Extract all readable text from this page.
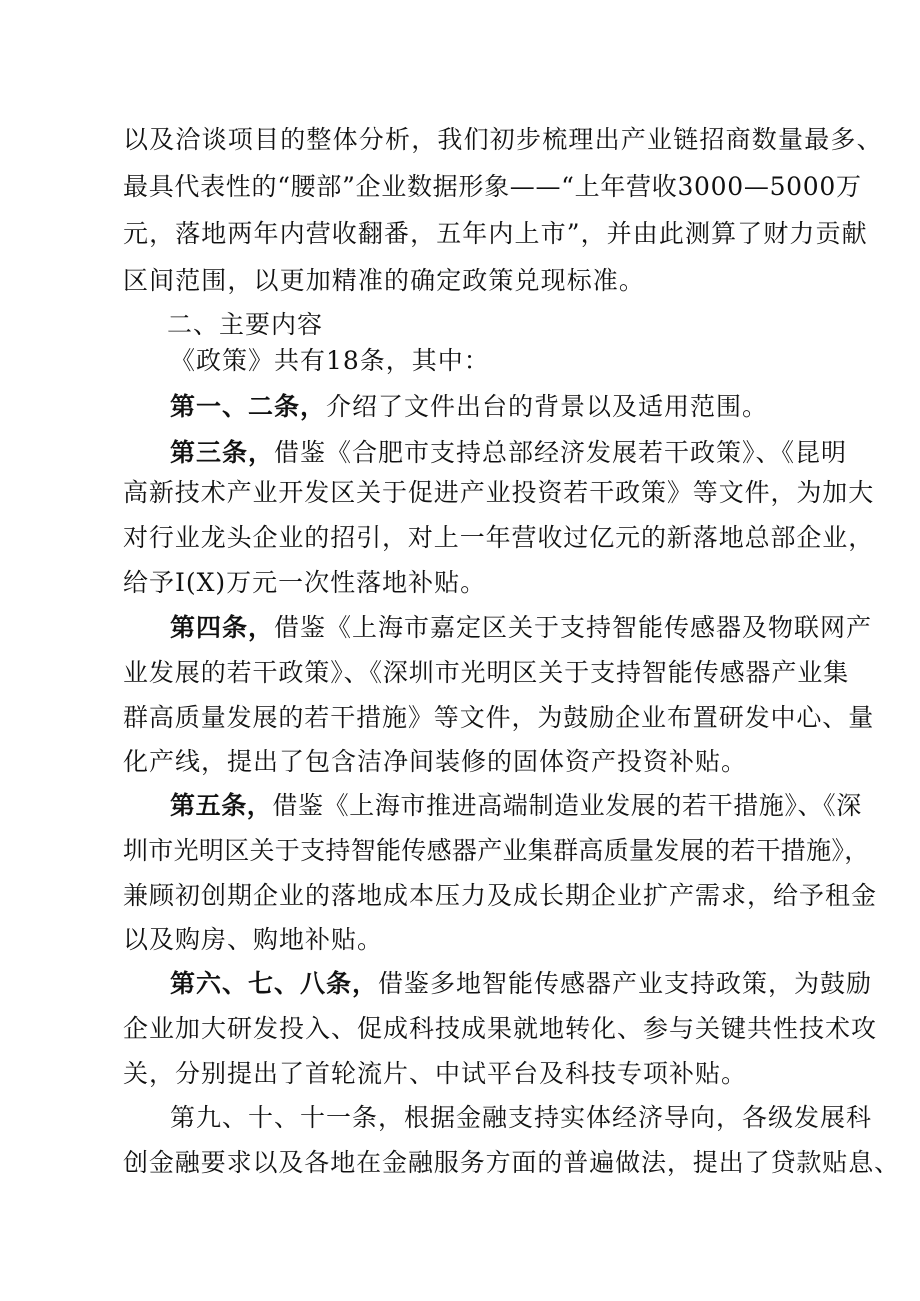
以及洽谈项目的整体分析，我们初步梳理出产业链招商数量最多、
最具代表性的“腰部”企业数据形象——“上年营收3000—5000万
元，落地两年内营收翻番，五年内上市”，并由此测算了财力贡献
区间范围，以更加精准的确定政策兑现标准。
二、主要内容
《政策》共有18条，其中：
第一、二条，介绍了文件出台的背景以及适用范围。
第三条，借鉴《合肥市支持总部经济发展若干政策》、《昆明
高新技术产业开发区关于促进产业投资若干政策》等文件，为加大
对行业龙头企业的招引，对上一年营收过亿元的新落地总部企业，
给予I(X)万元一次性落地补贴。
第四条，借鉴《上海市嘉定区关于支持智能传感器及物联网产
业发展的若干政策》、《深圳市光明区关于支持智能传感器产业集
群高质量发展的若干措施》等文件，为鼓励企业布置研发中心、量
化产线，提出了包含洁净间装修的固体资产投资补贴。
第五条，借鉴《上海市推进高端制造业发展的若干措施》、《深
圳市光明区关于支持智能传感器产业集群高质量发展的若干措施》，
兼顾初创期企业的落地成本压力及成长期企业扩产需求，给予租金
以及购房、购地补贴。
第六、七、八条，借鉴多地智能传感器产业支持政策，为鼓励
企业加大研发投入、促成科技成果就地转化、参与关键共性技术攻
关，分别提出了首轮流片、中试平台及科技专项补贴。
第九、十、十一条，根据金融支持实体经济导向，各级发展科
创金融要求以及各地在金融服务方面的普遍做法，提出了贷款贴息、
